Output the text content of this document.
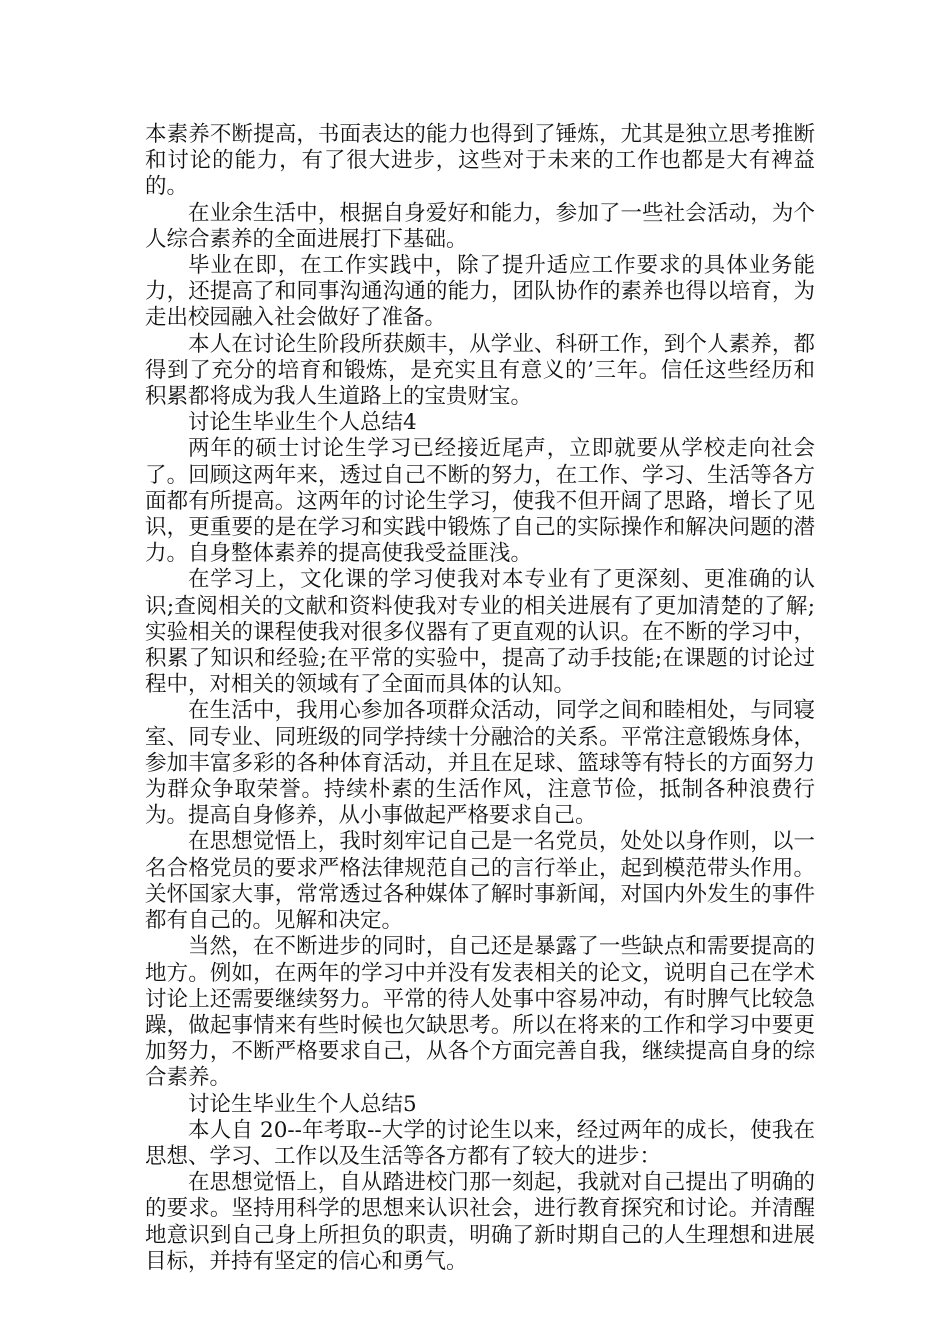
本素养不断提高，书面表达的能力也得到了锤炼，尤其是独立思考推断和讨论的能力，有了很大进步，这些对于未来的工作也都是大有裨益的。

在业余生活中，根据自身爱好和能力，参加了一些社会活动，为个人综合素养的全面进展打下基础。

毕业在即，在工作实践中，除了提升适应工作要求的具体业务能力，还提高了和同事沟通沟通的能力，团队协作的素养也得以培育，为走出校园融入社会做好了准备。

本人在讨论生阶段所获颇丰，从学业、科研工作，到个人素养，都得到了充分的培育和锻炼，是充实且有意义的’三年。信任这些经历和积累都将成为我人生道路上的宝贵财宝。

讨论生毕业生个人总结4

两年的硕士讨论生学习已经接近尾声，立即就要从学校走向社会了。回顾这两年来，透过自己不断的努力，在工作、学习、生活等各方面都有所提高。这两年的讨论生学习，使我不但开阔了思路，增长了见识，更重要的是在学习和实践中锻炼了自己的实际操作和解决问题的潜力。自身整体素养的提高使我受益匪浅。

在学习上，文化课的学习使我对本专业有了更深刻、更准确的认识;查阅相关的文献和资料使我对专业的相关进展有了更加清楚的了解;实验相关的课程使我对很多仪器有了更直观的认识。在不断的学习中，积累了知识和经验;在平常的实验中，提高了动手技能;在课题的讨论过程中，对相关的领域有了全面而具体的认知。

在生活中，我用心参加各项群众活动，同学之间和睦相处，与同寝室、同专业、同班级的同学持续十分融洽的关系。平常注意锻炼身体，参加丰富多彩的各种体育活动，并且在足球、篮球等有特长的方面努力为群众争取荣誉。持续朴素的生活作风，注意节俭，抵制各种浪费行为。提高自身修养，从小事做起严格要求自己。

在思想觉悟上，我时刻牢记自己是一名党员，处处以身作则，以一名合格党员的要求严格法律规范自己的言行举止，起到模范带头作用。关怀国家大事，常常透过各种媒体了解时事新闻，对国内外发生的事件都有自己的。见解和决定。

当然，在不断进步的同时，自己还是暴露了一些缺点和需要提高的地方。例如，在两年的学习中并没有发表相关的论文，说明自己在学术讨论上还需要继续努力。平常的待人处事中容易冲动，有时脾气比较急躁，做起事情来有些时候也欠缺思考。所以在将来的工作和学习中要更加努力，不断严格要求自己，从各个方面完善自我，继续提高自身的综合素养。

讨论生毕业生个人总结5

本人自 20--年考取--大学的讨论生以来，经过两年的成长，使我在思想、学习、工作以及生活等各方都有了较大的进步：

在思想觉悟上，自从踏进校门那一刻起，我就对自己提出了明确的的要求。坚持用科学的思想来认识社会，进行教育探究和讨论。并清醒地意识到自己身上所担负的职责，明确了新时期自己的人生理想和进展目标，并持有坚定的信心和勇气。
